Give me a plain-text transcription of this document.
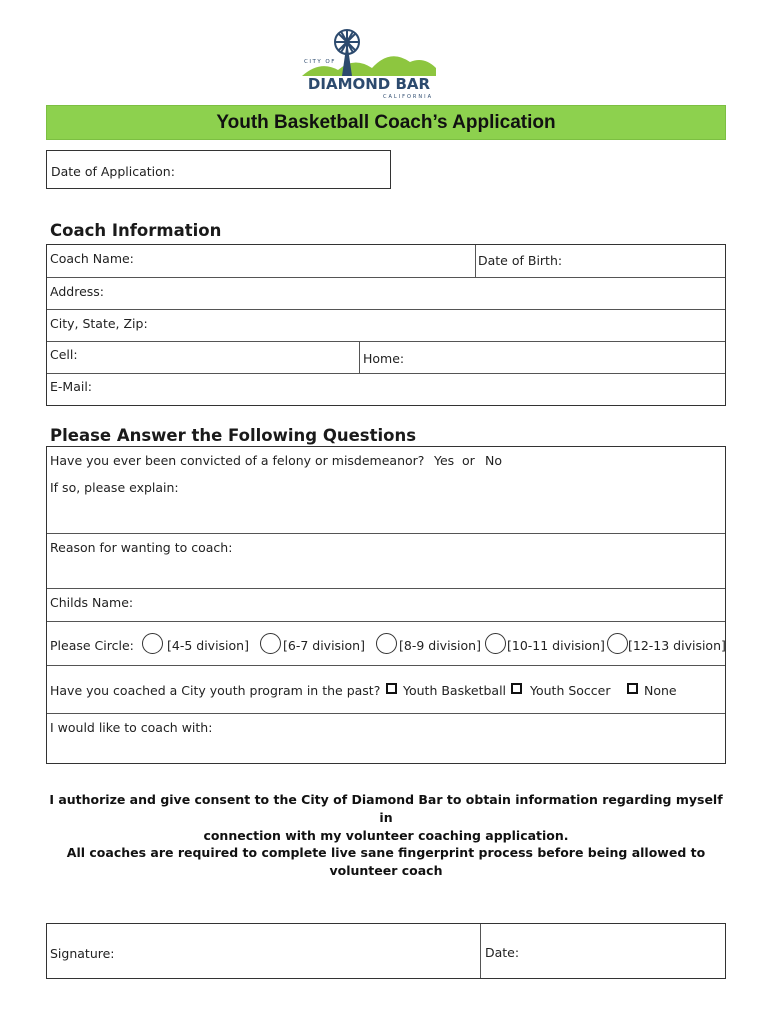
CITY OF
DIAMOND BAR
CALIFORNIA
Youth Basketball Coach’s Application
Date of Application:
Coach Information
Coach Name:	Date of Birth:
Address:
City, State, Zip:
Cell:	Home:
E-Mail:
Please Answer the Following Questions
Have you ever been convicted of a felony or misdemeanor? Yes or No
If so, please explain:
Reason for wanting to coach:
Childs Name:
Please Circle:	[4-5 division]	[6-7 division]	[8-9 division] [10-11 division] [12-13 division]
Have you coached a City youth program in the past? Youth Basketball Youth Soccer	None
I would like to coach with:
I authorize and give consent to the City of Diamond Bar to obtain information regarding myself in
connection with my volunteer coaching application.
All coaches are required to complete live sane fingerprint process before being allowed to
volunteer coach
Signature:	Date:
